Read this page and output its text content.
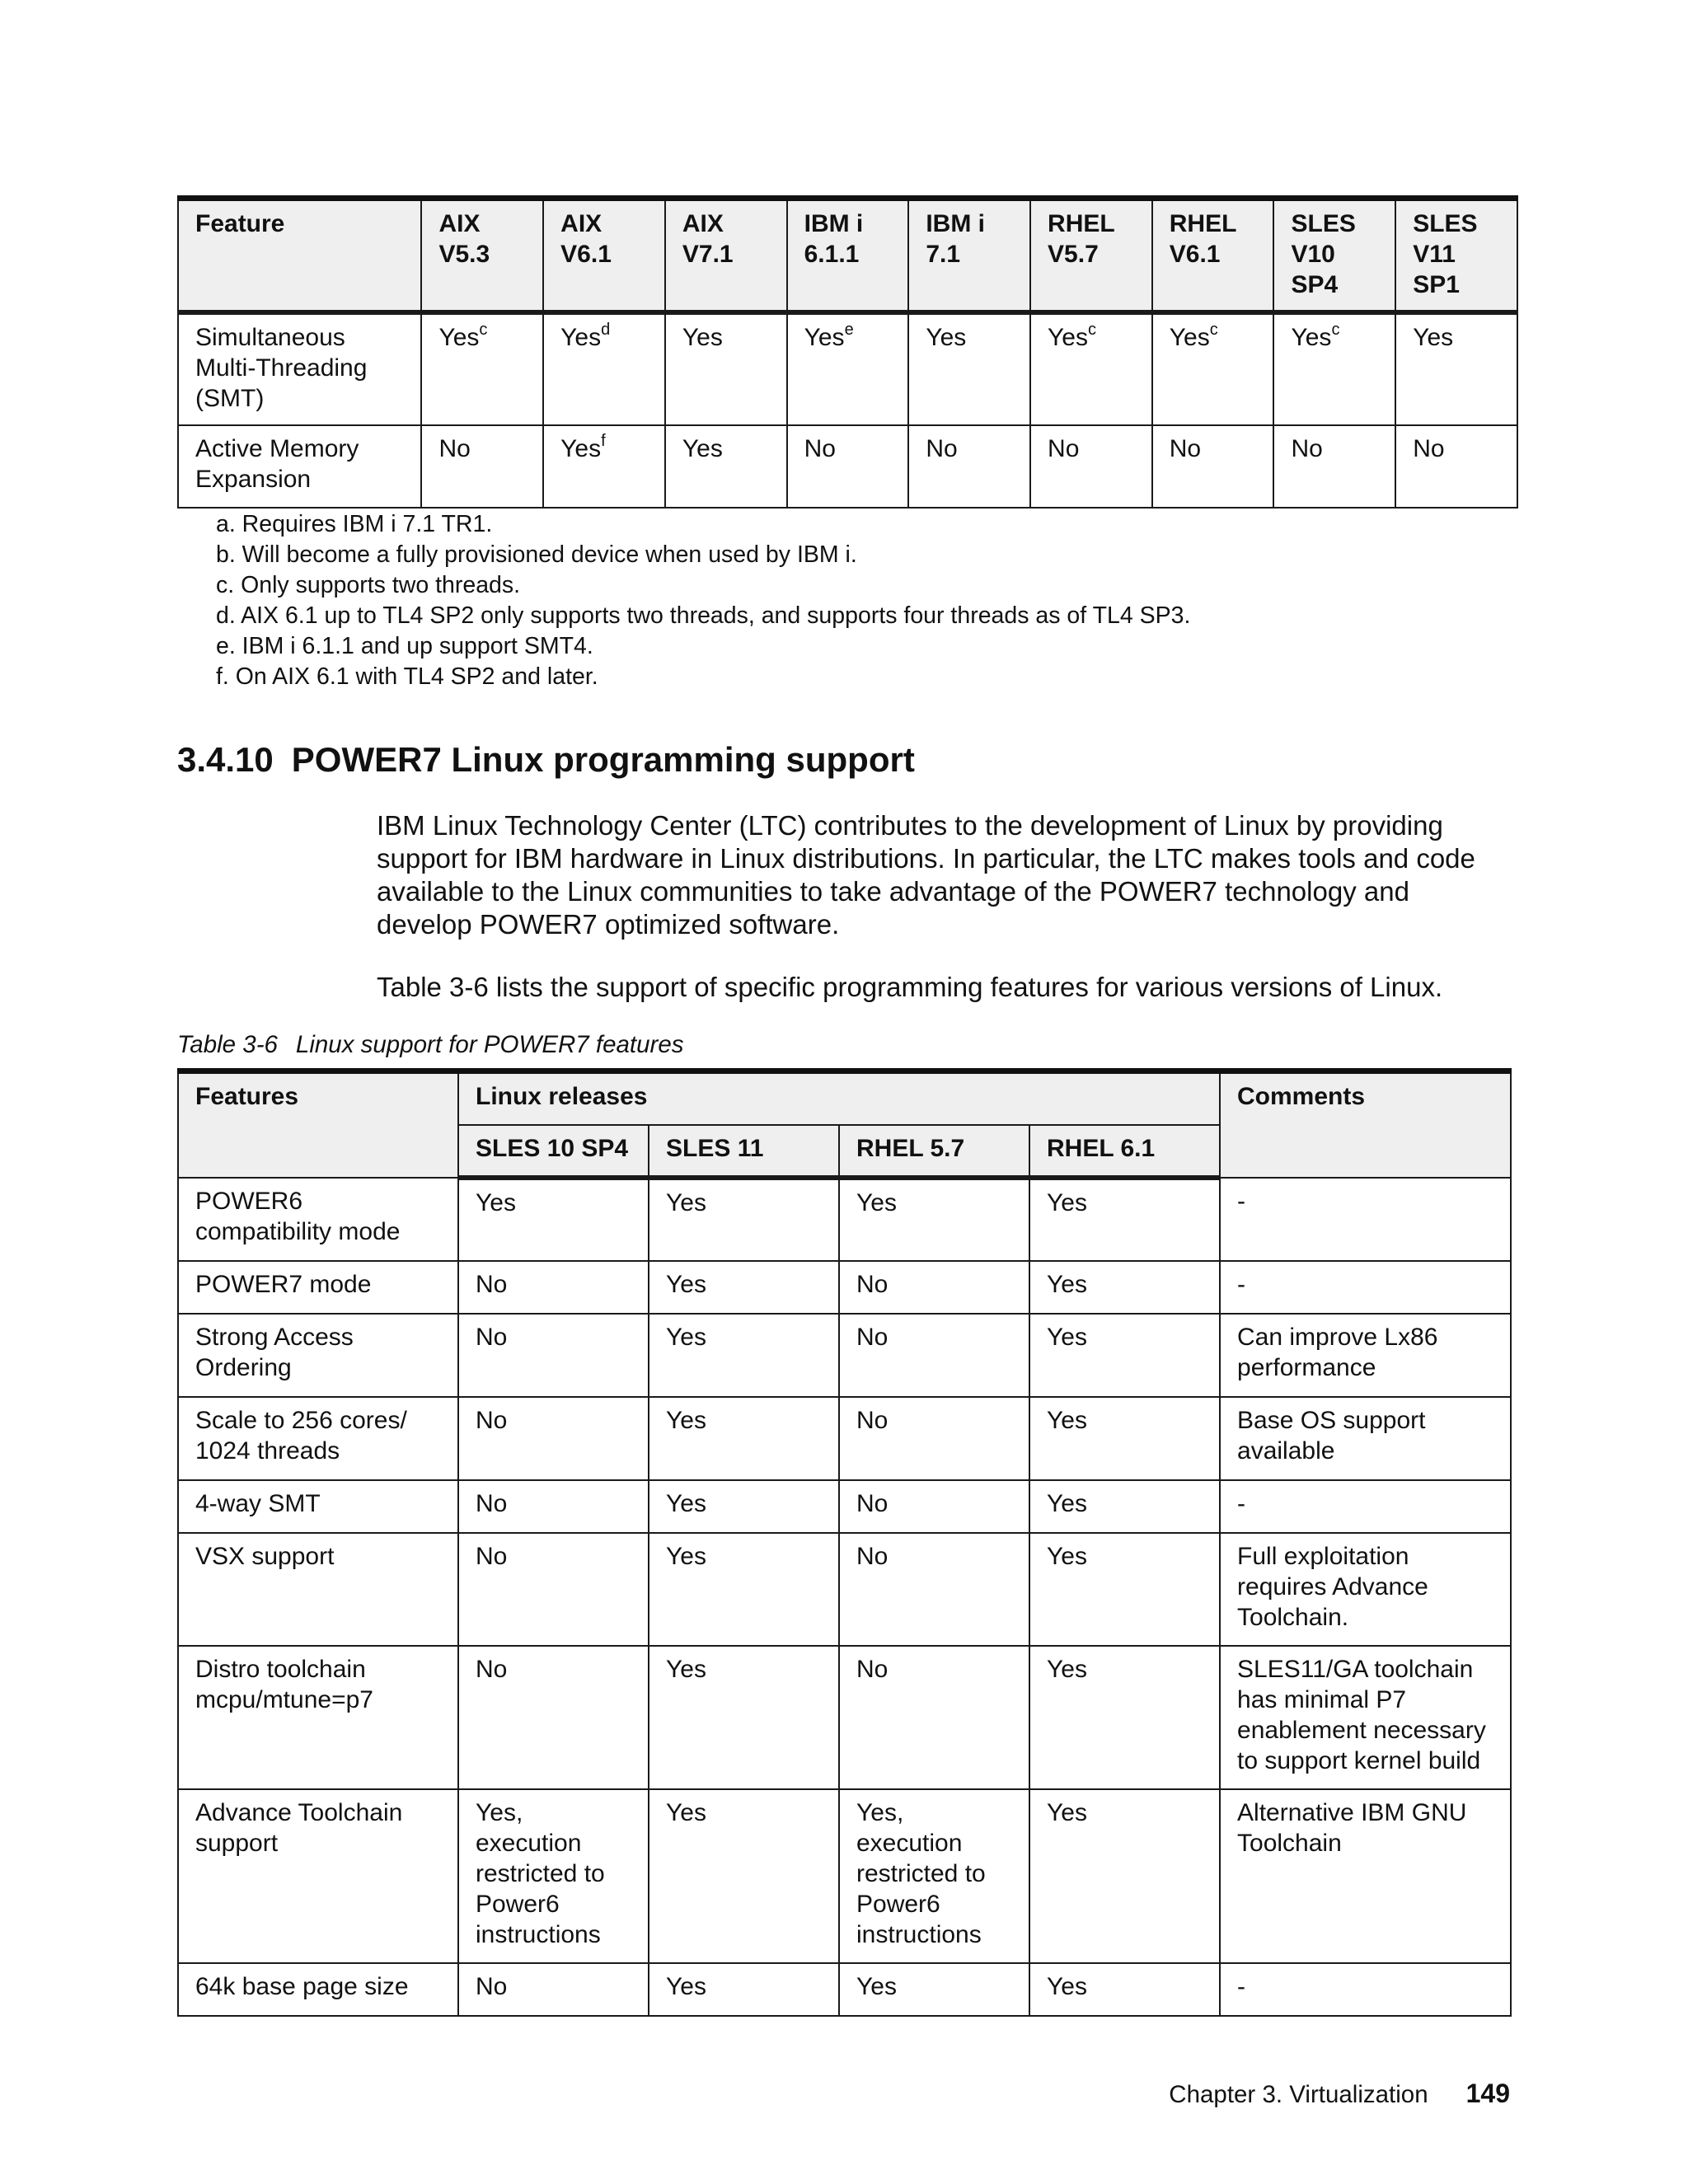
Feature	AIX V5.3	AIX V6.1	AIX V7.1	IBM i 6.1.1	IBM i 7.1	RHEL V5.7	RHEL V6.1	SLES V10 SP4	SLES V11 SP1
Simultaneous Multi-Threading (SMT)	Yes$^c$	Yes$^d$	Yes	Yes$^e$	Yes	Yes$^c$	Yes$^c$	Yes$^c$	Yes
Active Memory Expansion	No	Yes$^f$	Yes	No	No	No	No	No	No
a. Requires IBM i 7.1 TR1.
b. Will become a fully provisioned device when used by IBM i.
c. Only supports two threads.
d. AIX 6.1 up to TL4 SP2 only supports two threads, and supports four threads as of TL4 SP3.
e. IBM i 6.1.1 and up support SMT4.
f. On AIX 6.1 with TL4 SP2 and later.
3.4.10 POWER7 Linux programming support

IBM Linux Technology Center (LTC) contributes to the development of Linux by providing support for IBM hardware in Linux distributions. In particular, the LTC makes tools and code available to the Linux communities to take advantage of the POWER7 technology and develop POWER7 optimized software.

Table 3-6 lists the support of specific programming features for various versions of Linux.

Table 3-6 Linux support for POWER7 features

Features	Linux releases				Comments
	SLES 10 SP4	SLES 11	RHEL 5.7	RHEL 6.1	
POWER6 compatibility mode	Yes	Yes	Yes	Yes	-
POWER7 mode	No	Yes	No	Yes	-
Strong Access Ordering	No	Yes	No	Yes	Can improve Lx86 performance
Scale to 256 cores/ 1024 threads	No	Yes	No	Yes	Base OS support available
4-way SMT	No	Yes	No	Yes	-
VSX support	No	Yes	No	Yes	Full exploitation requires Advance Toolchain.
Distro toolchain mcpu/mtune=p7	No	Yes	No	Yes	SLES11/GA toolchain has minimal P7 enablement necessary to support kernel build
Advance Toolchain support	Yes, execution restricted to Power6 instructions	Yes	Yes, execution restricted to Power6 instructions	Yes	Alternative IBM GNU Toolchain
64k base page size	No	Yes	Yes	Yes	-
Chapter 3. Virtualization 149
